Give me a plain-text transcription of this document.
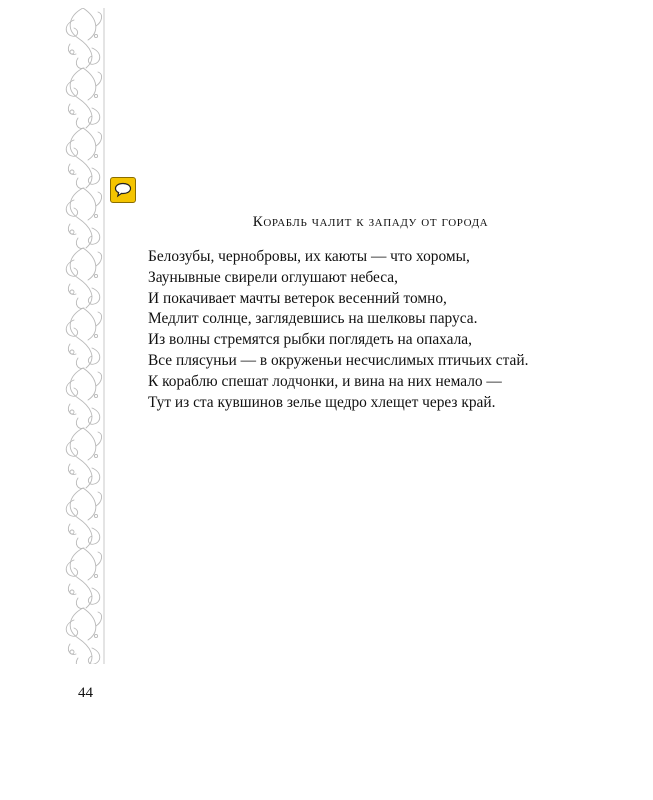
Корабль чалит к западу от города
Белозубы, чернобровы, их каюты — что хоромы,
Заунывные свирели оглушают небеса,
И покачивает мачты ветерок весенний томно,
Медлит солнце, заглядевшись на шелковы паруса.
Из волны стремятся рыбки поглядеть на опахала,
Все плясуньи — в окруженьи несчислимых птичьих стай.
К кораблю спешат лодчонки, и вина на них немало —
Тут из ста кувшинов зелье щедро хлещет через край.
44
